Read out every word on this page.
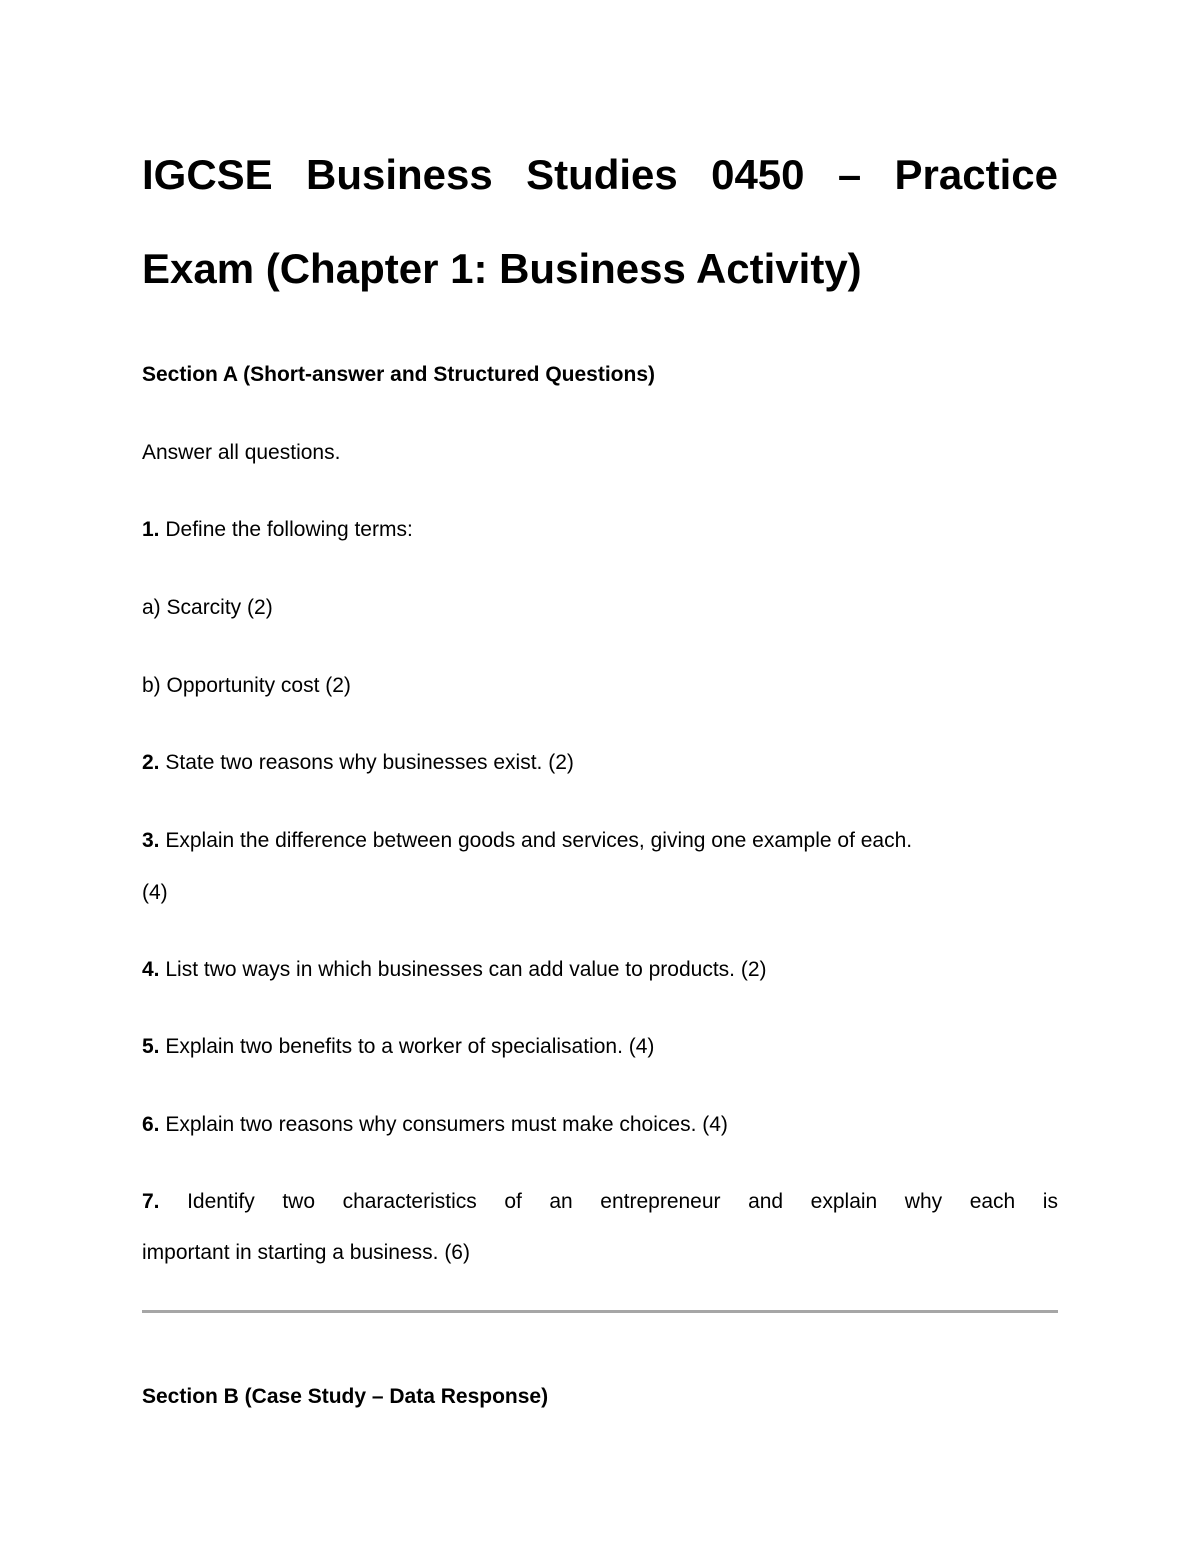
IGCSE Business Studies 0450 – Practice
Exam (Chapter 1: Business Activity)
Section A (Short-answer and Structured Questions)
Answer all questions.
1. Define the following terms:
a) Scarcity (2)
b) Opportunity cost (2)
2. State two reasons why businesses exist. (2)
3. Explain the difference between goods and services, giving one example of each.
(4)
4. List two ways in which businesses can add value to products. (2)
5. Explain two benefits to a worker of specialisation. (4)
6. Explain two reasons why consumers must make choices. (4)
7. Identify two characteristics of an entrepreneur and explain why each is
important in starting a business. (6)
Section B (Case Study – Data Response)
